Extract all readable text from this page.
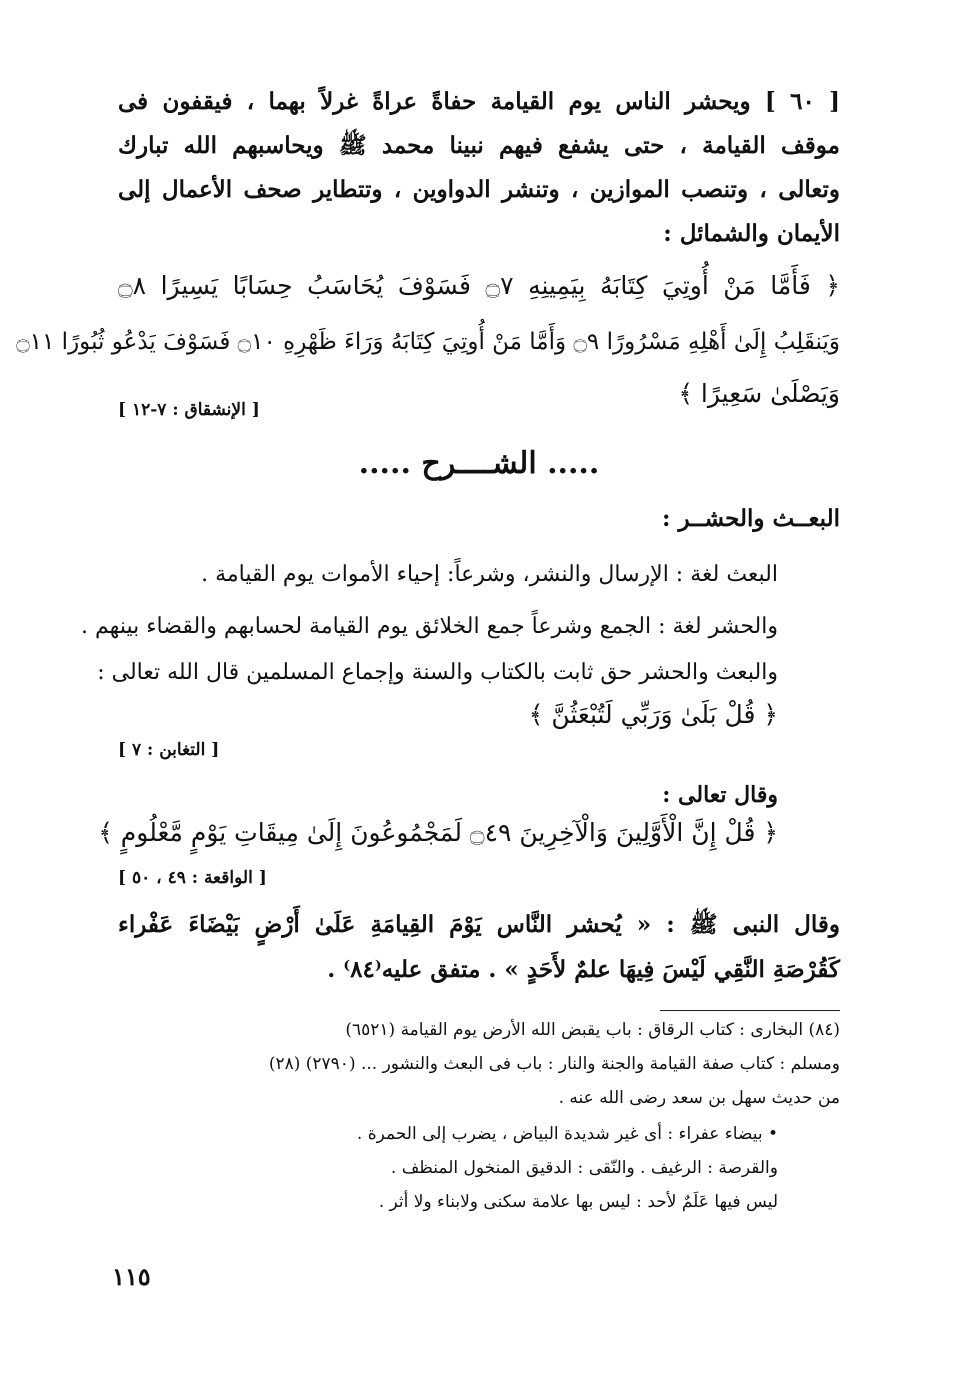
[ ٦٠ ] ويحشر الناس يوم القيامة حفاةً عراةً غرلاً بهما ، فيقفون فى

موقف القيامة ، حتى يشفع فيهم نبينا محمد ﷺ ويحاسبهم الله تبارك

وتعالى ، وتنصب الموازين ، وتنشر الدواوين ، وتتطاير صحف الأعمال إلى

الأيمان والشمائل :

﴿ فَأَمَّا مَنْ أُوتِيَ كِتَابَهُ بِيَمِينِهِ ۝٧ فَسَوْفَ يُحَاسَبُ حِسَابًا يَسِيرًا ۝٨

وَيَنقَلِبُ إِلَىٰ أَهْلِهِ مَسْرُورًا ۝٩ وَأَمَّا مَنْ أُوتِيَ كِتَابَهُ وَرَاءَ ظَهْرِهِ ۝١٠ فَسَوْفَ يَدْعُو ثُبُورًا ۝١١

وَيَصْلَىٰ سَعِيرًا ﴾

[ الإنشقاق : ٧-١٢ ]
..... الشــــرح .....

البعــث والحشــر :

البعث لغة : الإرسال والنشر، وشرعاً: إحياء الأموات يوم القيامة .

والحشر لغة : الجمع وشرعاً جمع الخلائق يوم القيامة لحسابهم والقضاء بينهم .

والبعث والحشر حق ثابت بالكتاب والسنة وإجماع المسلمين قال الله تعالى :

﴿ قُلْ بَلَىٰ وَرَبِّي لَتُبْعَثُنَّ ﴾

[ التغابن : ٧ ]

وقال تعالى :

﴿ قُلْ إِنَّ الْأَوَّلِينَ وَالْآخِرِينَ ۝٤٩ لَمَجْمُوعُونَ إِلَىٰ مِيقَاتِ يَوْمٍ مَّعْلُومٍ ﴾

[ الواقعة : ٤٩ ، ٥٠ ]

وقال النبى ﷺ : « يُحشر النَّاس يَوْمَ القِيامَةِ عَلَىٰ أَرْضٍ بَيْضَاءَ عَفْراء

كَقُرْصَةِ النَّقِي لَيْسَ فِيهَا علمٌ لأَحَدٍ » . متفق عليه⁽٨٤⁾ .

(٨٤) البخارى : كتاب الرقاق : باب يقبض الله الأرض يوم القيامة (٦٥٢١)

ومسلم : كتاب صفة القيامة والجنة والنار : باب فى البعث والنشور ... (٢٧٩٠) (٢٨)

من حديث سهل بن سعد رضى الله عنه .

• بيضاء عفراء : أى غير شديدة البياض ، يضرب إلى الحمرة .

والقرصة : الرغيف . والنّقى : الدقيق المنخول المنظف .

ليس فيها عَلَمٌ لأحد : ليس بها علامة سكنى ولابناء ولا أثر .

١١٥
